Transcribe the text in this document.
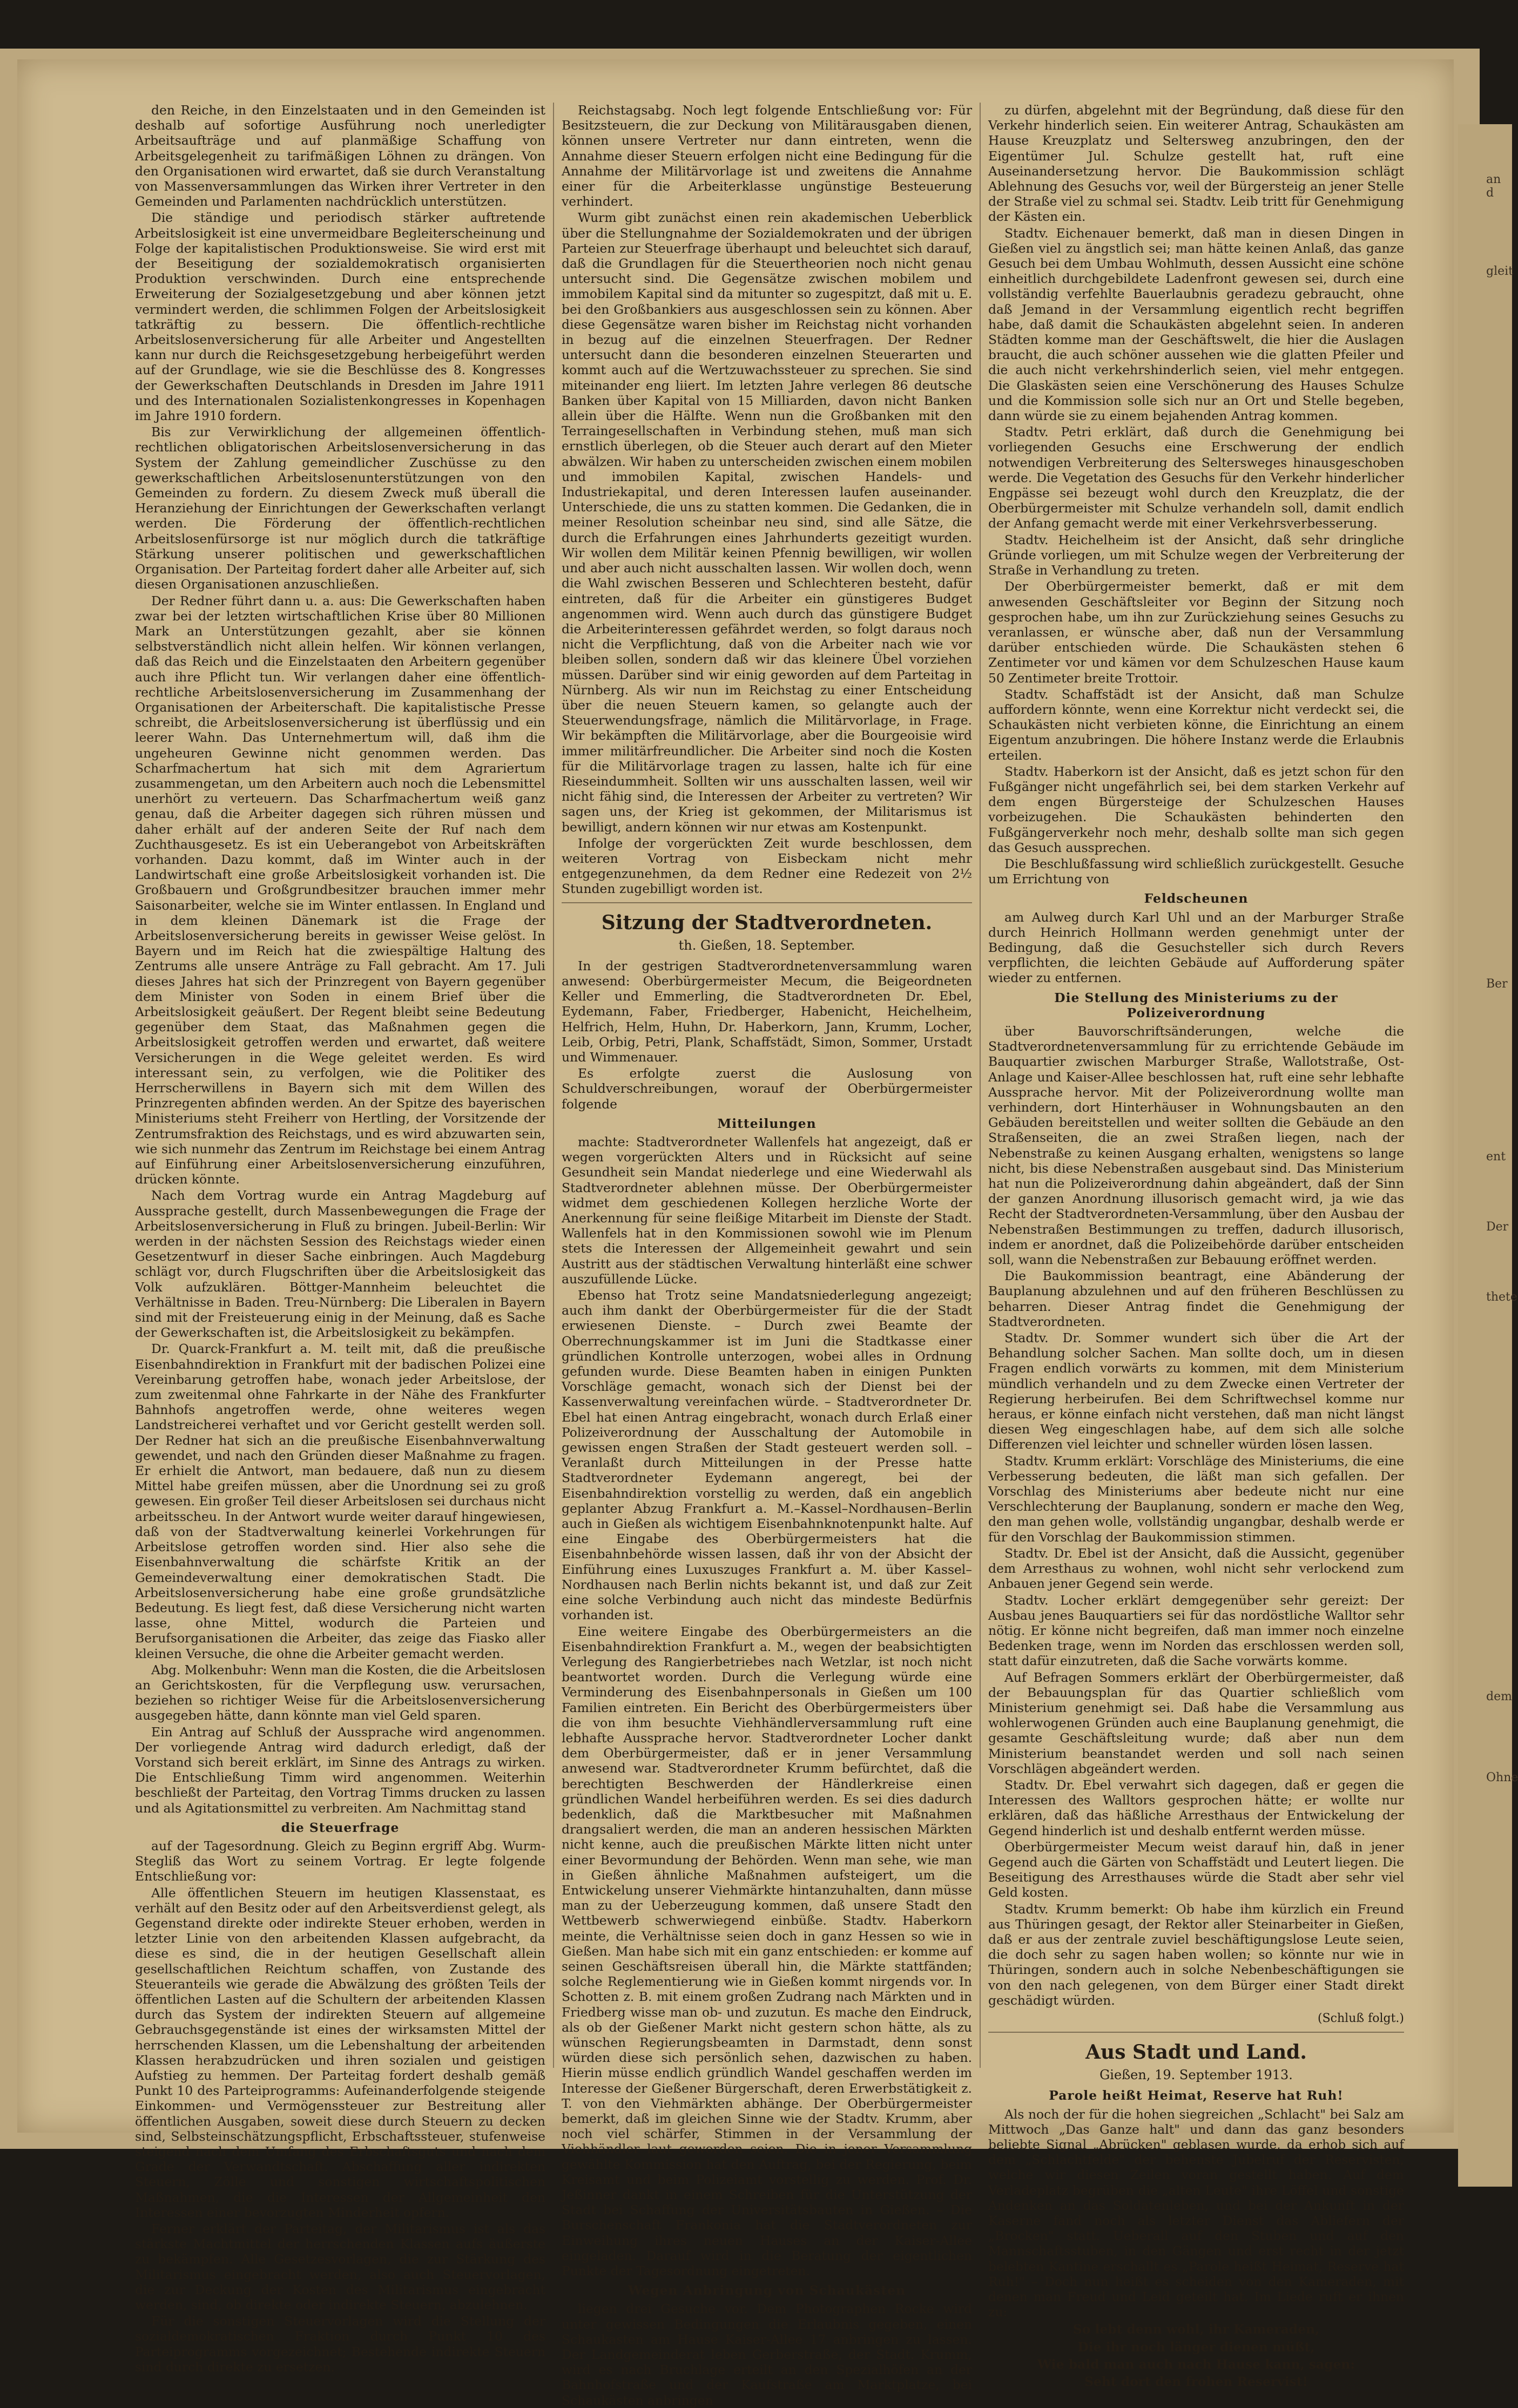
an d
gleit
Ber
ent
Der
thete
dem
Ohne

den Reiche, in den Einzelstaaten und in den Gemeinden ist deshalb auf sofortige Ausführung noch unerledigter Arbeitsaufträge und auf planmäßige Schaffung von Arbeitsgelegenheit zu tarifmäßigen Löhnen zu drängen. Von den Organisationen wird erwartet, daß sie durch Veranstaltung von Massenversammlungen das Wirken ihrer Vertreter in den Gemeinden und Parlamenten nachdrücklich unterstützen.

Die ständige und periodisch stärker auftretende Arbeitslosigkeit ist eine unvermeidbare Begleiterscheinung und Folge der kapitalistischen Produktionsweise. Sie wird erst mit der Beseitigung der sozialdemokratisch organisierten Produktion verschwinden. Durch eine entsprechende Erweiterung der Sozialgesetzgebung und aber können jetzt vermindert werden, die schlimmen Folgen der Arbeitslosigkeit tatkräftig zu bessern. Die öffentlich-rechtliche Arbeitslosenversicherung für alle Arbeiter und Angestellten kann nur durch die Reichsgesetzgebung herbeigeführt werden auf der Grundlage, wie sie die Beschlüsse des 8. Kongresses der Gewerkschaften Deutschlands in Dresden im Jahre 1911 und des Internationalen Sozialistenkongresses in Kopenhagen im Jahre 1910 fordern.

Bis zur Verwirklichung der allgemeinen öffentlich-rechtlichen obligatorischen Arbeitslosenversicherung in das System der Zahlung gemeindlicher Zuschüsse zu den gewerkschaftlichen Arbeitslosenunterstützungen von den Gemeinden zu fordern. Zu diesem Zweck muß überall die Heranziehung der Einrichtungen der Gewerkschaften verlangt werden. Die Förderung der öffentlich-rechtlichen Arbeitslosenfürsorge ist nur möglich durch die tatkräftige Stärkung unserer politischen und gewerkschaftlichen Organisation. Der Parteitag fordert daher alle Arbeiter auf, sich diesen Organisationen anzuschließen.

Der Redner führt dann u. a. aus: Die Gewerkschaften haben zwar bei der letzten wirtschaftlichen Krise über 80 Millionen Mark an Unterstützungen gezahlt, aber sie können selbstverständlich nicht allein helfen. Wir können verlangen, daß das Reich und die Einzelstaaten den Arbeitern gegenüber auch ihre Pflicht tun. Wir verlangen daher eine öffentlich-rechtliche Arbeitslosenversicherung im Zusammenhang der Organisationen der Arbeiterschaft. Die kapitalistische Presse schreibt, die Arbeitslosenversicherung ist überflüssig und ein leerer Wahn. Das Unternehmertum will, daß ihm die ungeheuren Gewinne nicht genommen werden. Das Scharfmachertum hat sich mit dem Agrariertum zusammengetan, um den Arbeitern auch noch die Lebensmittel unerhört zu verteuern. Das Scharfmachertum weiß ganz genau, daß die Arbeiter dagegen sich rühren müssen und daher erhält auf der anderen Seite der Ruf nach dem Zuchthausgesetz. Es ist ein Ueberangebot von Arbeitskräften vorhanden. Dazu kommt, daß im Winter auch in der Landwirtschaft eine große Arbeitslosigkeit vorhanden ist. Die Großbauern und Großgrundbesitzer brauchen immer mehr Saisonarbeiter, welche sie im Winter entlassen. In England und in dem kleinen Dänemark ist die Frage der Arbeitslosenversicherung bereits in gewisser Weise gelöst. In Bayern und im Reich hat die zwiespältige Haltung des Zentrums alle unsere Anträge zu Fall gebracht. Am 17. Juli dieses Jahres hat sich der Prinzregent von Bayern gegenüber dem Minister von Soden in einem Brief über die Arbeitslosigkeit geäußert. Der Regent bleibt seine Bedeutung gegenüber dem Staat, das Maßnahmen gegen die Arbeitslosigkeit getroffen werden und erwartet, daß weitere Versicherungen in die Wege geleitet werden. Es wird interessant sein, zu verfolgen, wie die Politiker des Herrscherwillens in Bayern sich mit dem Willen des Prinzregenten abfinden werden. An der Spitze des bayerischen Ministeriums steht Freiherr von Hertling, der Vorsitzende der Zentrumsfraktion des Reichstags, und es wird abzuwarten sein, wie sich nunmehr das Zentrum im Reichstage bei einem Antrag auf Einführung einer Arbeitslosenversicherung einzuführen, drücken könnte.

Nach dem Vortrag wurde ein Antrag Magdeburg auf Aussprache gestellt, durch Massenbewegungen die Frage der Arbeitslosenversicherung in Fluß zu bringen. Jubeil-Berlin: Wir werden in der nächsten Session des Reichstags wieder einen Gesetzentwurf in dieser Sache einbringen. Auch Magdeburg schlägt vor, durch Flugschriften über die Arbeitslosigkeit das Volk aufzuklären. Böttger-Mannheim beleuchtet die Verhältnisse in Baden. Treu-Nürnberg: Die Liberalen in Bayern sind mit der Freisteuerung einig in der Meinung, daß es Sache der Gewerkschaften ist, die Arbeitslosigkeit zu bekämpfen.

Dr. Quarck-Frankfurt a. M. teilt mit, daß die preußische Eisenbahndirektion in Frankfurt mit der badischen Polizei eine Vereinbarung getroffen habe, wonach jeder Arbeitslose, der zum zweitenmal ohne Fahrkarte in der Nähe des Frankfurter Bahnhofs angetroffen werde, ohne weiteres wegen Landstreicherei verhaftet und vor Gericht gestellt werden soll. Der Redner hat sich an die preußische Eisenbahnverwaltung gewendet, und nach den Gründen dieser Maßnahme zu fragen. Er erhielt die Antwort, man bedauere, daß nun zu diesem Mittel habe greifen müssen, aber die Unordnung sei zu groß gewesen. Ein großer Teil dieser Arbeitslosen sei durchaus nicht arbeitsscheu. In der Antwort wurde weiter darauf hingewiesen, daß von der Stadtverwaltung keinerlei Vorkehrungen für Arbeitslose getroffen worden sind. Hier also sehe die Eisenbahnverwaltung die schärfste Kritik an der Gemeindeverwaltung einer demokratischen Stadt. Die Arbeitslosenversicherung habe eine große grundsätzliche Bedeutung. Es liegt fest, daß diese Versicherung nicht warten lasse, ohne Mittel, wodurch die Parteien und Berufsorganisationen die Arbeiter, das zeige das Fiasko aller kleinen Versuche, die ohne die Arbeiter gemacht werden.

Abg. Molkenbuhr: Wenn man die Kosten, die die Arbeitslosen an Gerichtskosten, für die Verpflegung usw. verursachen, beziehen so richtiger Weise für die Arbeitslosenversicherung ausgegeben hätte, dann könnte man viel Geld sparen.

Ein Antrag auf Schluß der Aussprache wird angenommen. Der vorliegende Antrag wird dadurch erledigt, daß der Vorstand sich bereit erklärt, im Sinne des Antrags zu wirken. Die Entschließung Timm wird angenommen. Weiterhin beschließt der Parteitag, den Vortrag Timms drucken zu lassen und als Agitationsmittel zu verbreiten. Am Nachmittag stand

die Steuerfrage

auf der Tagesordnung. Gleich zu Beginn ergriff Abg. Wurm-Stegliß das Wort zu seinem Vortrag. Er legte folgende Entschließung vor:

Alle öffentlichen Steuern im heutigen Klassenstaat, es verhält auf den Besitz oder auf den Arbeitsverdienst gelegt, als Gegenstand direkte oder indirekte Steuer erhoben, werden in letzter Linie von den arbeitenden Klassen aufgebracht, da diese es sind, die in der heutigen Gesellschaft allein gesellschaftlichen Reichtum schaffen, von Zustande des Steueranteils wie gerade die Abwälzung des größten Teils der öffentlichen Lasten auf die Schultern der arbeitenden Klassen durch das System der indirekten Steuern auf allgemeine Gebrauchsgegenstände ist eines der wirksamsten Mittel der herrschenden Klassen, um die Lebenshaltung der arbeitenden Klassen herabzudrücken und ihren sozialen und geistigen Aufstieg zu hemmen. Der Parteitag fordert deshalb gemäß Punkt 10 des Parteiprogramms: Aufeinanderfolgende steigende Einkommen- und Vermögenssteuer zur Bestreitung aller öffentlichen Ausgaben, soweit diese durch Steuern zu decken sind, Selbsteinschätzungspflicht, Erbschaftssteuer, stufenweise steigend nach dem Umfang des Erbschaftsguts und nach dem Grade der Verwandtschaft. Abschaffung aller indirekten Steuern, Zölle und sonstigen wirtschaftspolitischen Maßnahmen, die die Interessen der Allgemeinheit den Interessen einer bevorzugten Minderheit opfern.

Ferner erklärt der Parteitag, der Militarismus ist als das stärkste Machtmittel der herrschenden Klassen aufs äußerste zu bekämpfen. Alle Gesetzesvorlagen, die zur Stärkung des Militarismus eingebracht werden, also auch Steuervorlagen, die zur Deckung der Kosten des Militarismus eingebracht werden, sind, ob direkte oder indirekte Steuern, abzulehnen.

Für die sonstigen Steuervorlagen wird die Stellung der sozialdemokratischen Fraktion durch Punkt 10 des Parteiprogramms vorgezeichnet; Bestehende indirekte Steuern sind durch direkte zu ersetzen.

Reichstagsabg. Noch legt folgende Entschließung vor: Für Besitzsteuern, die zur Deckung von Militärausgaben dienen, können unsere Vertreter nur dann eintreten, wenn die Annahme dieser Steuern erfolgen nicht eine Bedingung für die Annahme der Militärvorlage ist und zweitens die Annahme einer für die Arbeiterklasse ungünstige Besteuerung verhindert.

Wurm gibt zunächst einen rein akademischen Ueberblick über die Stellungnahme der Sozialdemokraten und der übrigen Parteien zur Steuerfrage überhaupt und beleuchtet sich darauf, daß die Grundlagen für die Steuertheorien noch nicht genau untersucht sind. Die Gegensätze zwischen mobilem und immobilem Kapital sind da mitunter so zugespitzt, daß mit u. E. bei den Großbankiers aus ausgeschlossen sein zu können. Aber diese Gegensätze waren bisher im Reichstag nicht vorhanden in bezug auf die einzelnen Steuerfragen. Der Redner untersucht dann die besonderen einzelnen Steuerarten und kommt auch auf die Wertzuwachssteuer zu sprechen. Sie sind miteinander eng liiert. Im letzten Jahre verlegen 86 deutsche Banken über Kapital von 15 Milliarden, davon nicht Banken allein über die Hälfte. Wenn nun die Großbanken mit den Terraingesellschaften in Verbindung stehen, muß man sich ernstlich überlegen, ob die Steuer auch derart auf den Mieter abwälzen. Wir haben zu unterscheiden zwischen einem mobilen und immobilen Kapital, zwischen Handels- und Industriekapital, und deren Interessen laufen auseinander. Unterschiede, die uns zu statten kommen. Die Gedanken, die in meiner Resolution scheinbar neu sind, sind alle Sätze, die durch die Erfahrungen eines Jahrhunderts gezeitigt wurden. Wir wollen dem Militär keinen Pfennig bewilligen, wir wollen und aber auch nicht ausschalten lassen. Wir wollen doch, wenn die Wahl zwischen Besseren und Schlechteren besteht, dafür eintreten, daß für die Arbeiter ein günstigeres Budget angenommen wird. Wenn auch durch das günstigere Budget die Arbeiterinteressen gefährdet werden, so folgt daraus noch nicht die Verpflichtung, daß von die Arbeiter nach wie vor bleiben sollen, sondern daß wir das kleinere Übel vorziehen müssen. Darüber sind wir einig geworden auf dem Parteitag in Nürnberg. Als wir nun im Reichstag zu einer Entscheidung über die neuen Steuern kamen, so gelangte auch der Steuerwendungsfrage, nämlich die Militärvorlage, in Frage. Wir bekämpften die Militärvorlage, aber die Bourgeoisie wird immer militärfreundlicher. Die Arbeiter sind noch die Kosten für die Militärvorlage tragen zu lassen, halte ich für eine Rieseindummheit. Sollten wir uns ausschalten lassen, weil wir nicht fähig sind, die Interessen der Arbeiter zu vertreten? Wir sagen uns, der Krieg ist gekommen, der Militarismus ist bewilligt, andern können wir nur etwas am Kostenpunkt.

Infolge der vorgerückten Zeit wurde beschlossen, dem weiteren Vortrag von Eisbeckam nicht mehr entgegenzunehmen, da dem Redner eine Redezeit von 2½ Stunden zugebilligt worden ist.

Sitzung der Stadtverordneten.
th. Gießen, 18. September.

In der gestrigen Stadtverordnetenversammlung waren anwesend: Oberbürgermeister Mecum, die Beigeordneten Keller und Emmerling, die Stadtverordneten Dr. Ebel, Eydemann, Faber, Friedberger, Habenicht, Heichelheim, Helfrich, Helm, Huhn, Dr. Haberkorn, Jann, Krumm, Locher, Leib, Orbig, Petri, Plank, Schaffstädt, Simon, Sommer, Urstadt und Wimmenauer.

Es erfolgte zuerst die Auslosung von Schuldverschreibungen, worauf der Oberbürgermeister folgende

Mitteilungen

machte: Stadtverordneter Wallenfels hat angezeigt, daß er wegen vorgerückten Alters und in Rücksicht auf seine Gesundheit sein Mandat niederlege und eine Wiederwahl als Stadtverordneter ablehnen müsse. Der Oberbürgermeister widmet dem geschiedenen Kollegen herzliche Worte der Anerkennung für seine fleißige Mitarbeit im Dienste der Stadt. Wallenfels hat in den Kommissionen sowohl wie im Plenum stets die Interessen der Allgemeinheit gewahrt und sein Austritt aus der städtischen Verwaltung hinterläßt eine schwer auszufüllende Lücke.

Ebenso hat Trotz seine Mandatsniederlegung angezeigt; auch ihm dankt der Oberbürgermeister für die der Stadt erwiesenen Dienste. – Durch zwei Beamte der Oberrechnungskammer ist im Juni die Stadtkasse einer gründlichen Kontrolle unterzogen, wobei alles in Ordnung gefunden wurde. Diese Beamten haben in einigen Punkten Vorschläge gemacht, wonach sich der Dienst bei der Kassenverwaltung vereinfachen würde. – Stadtverordneter Dr. Ebel hat einen Antrag eingebracht, wonach durch Erlaß einer Polizeiverordnung der Ausschaltung der Automobile in gewissen engen Straßen der Stadt gesteuert werden soll. – Veranlaßt durch Mitteilungen in der Presse hatte Stadtverordneter Eydemann angeregt, bei der Eisenbahndirektion vorstellig zu werden, daß ein angeblich geplanter Abzug Frankfurt a. M.–Kassel–Nordhausen–Berlin auch in Gießen als wichtigem Eisenbahnknotenpunkt halte. Auf eine Eingabe des Oberbürgermeisters hat die Eisenbahnbehörde wissen lassen, daß ihr von der Absicht der Einführung eines Luxuszuges Frankfurt a. M. über Kassel–Nordhausen nach Berlin nichts bekannt ist, und daß zur Zeit eine solche Verbindung auch nicht das mindeste Bedürfnis vorhanden ist.

Eine weitere Eingabe des Oberbürgermeisters an die Eisenbahndirektion Frankfurt a. M., wegen der beabsichtigten Verlegung des Rangierbetriebes nach Wetzlar, ist noch nicht beantwortet worden. Durch die Verlegung würde eine Verminderung des Eisenbahnpersonals in Gießen um 100 Familien eintreten. Ein Bericht des Oberbürgermeisters über die von ihm besuchte Viehhändlerversammlung ruft eine lebhafte Aussprache hervor. Stadtverordneter Locher dankt dem Oberbürgermeister, daß er in jener Versammlung anwesend war. Stadtverordneter Krumm befürchtet, daß die berechtigten Beschwerden der Händlerkreise einen gründlichen Wandel herbeiführen werden. Es sei dies dadurch bedenklich, daß die Marktbesucher mit Maßnahmen drangsaliert werden, die man an anderen hessischen Märkten nicht kenne, auch die preußischen Märkte litten nicht unter einer Bevormundung der Behörden. Wenn man sehe, wie man in Gießen ähnliche Maßnahmen aufsteigert, um die Entwickelung unserer Viehmärkte hintanzuhalten, dann müsse man zu der Ueberzeugung kommen, daß unsere Stadt den Wettbewerb schwerwiegend einbüße. Stadtv. Haberkorn meinte, die Verhältnisse seien doch in ganz Hessen so wie in Gießen. Man habe sich mit ein ganz entschieden: er komme auf seinen Geschäftsreisen überall hin, die Märkte stattfänden; solche Reglementierung wie in Gießen kommt nirgends vor. In Schotten z. B. mit einem großen Zudrang nach Märkten und in Friedberg wisse man ob- und zuzutun. Es mache den Eindruck, als ob der Gießener Markt nicht gestern schon hätte, als zu wünschen Regierungsbeamten in Darmstadt, denn sonst würden diese sich persönlich sehen, dazwischen zu haben. Hierin müsse endlich gründlich Wandel geschaffen werden im Interesse der Gießener Bürgerschaft, deren Erwerbstätigkeit z. T. von den Viehmärkten abhänge. Der Oberbürgermeister bemerkt, daß im gleichen Sinne wie der Stadtv. Krumm, aber noch viel schärfer, Stimmen in der Versammlung der Viehhändler laut geworden seien. Die in jener Versammlung gewählte Kommission hat den Auftrag, bei der Regierung, beim Kreisamt und beim Polizeiamt vorstellig zu werden. Prof. Dr. Jeßinner dankt in einem Schreiben für die Unterstützung der Stadt bei Schaffung der Universitätsbauten in Gießen. – Die Burschenschaft Frankonia hat die Stadtverordneten zur Einweihung ihres neuen Hauses an der Kaiser-Allee eingeladen. Darauf wird in die Beratung der eigentlichen Punkte der Tagesordnung eingetreten.

Wegen Anbringung von Schaukästen

liegen drei Gesuche vor. Dem Photographen Rocke wird unter gewissen Bedingungen die Erlaubnis gegeben, einen Schaukasten am Hause Kaiser-Allee 17 anbringen zu lassen. Der Landgemeinderat leben Gerberstraße, der Stadt. Krumm, wird es nach Bruchlage erteilt an den Spezialhöfen an der Bahnhofstraße und der Kaufstraße am Marktplatze, bei Schaukästen anbringen

zu dürfen, abgelehnt mit der Begründung, daß diese für den Verkehr hinderlich seien. Ein weiterer Antrag, Schaukästen am Hause Kreuzplatz und Seltersweg anzubringen, den der Eigentümer Jul. Schulze gestellt hat, ruft eine Auseinandersetzung hervor. Die Baukommission schlägt Ablehnung des Gesuchs vor, weil der Bürgersteig an jener Stelle der Straße viel zu schmal sei. Stadtv. Leib tritt für Genehmigung der Kästen ein.

Stadtv. Eichenauer bemerkt, daß man in diesen Dingen in Gießen viel zu ängstlich sei; man hätte keinen Anlaß, das ganze Gesuch bei dem Umbau Wohlmuth, dessen Aussicht eine schöne einheitlich durchgebildete Ladenfront gewesen sei, durch eine vollständig verfehlte Bauerlaubnis geradezu gebraucht, ohne daß Jemand in der Versammlung eigentlich recht begriffen habe, daß damit die Schaukästen abgelehnt seien. In anderen Städten komme man der Geschäftswelt, die hier die Auslagen braucht, die auch schöner aussehen wie die glatten Pfeiler und die auch nicht verkehrshinderlich seien, viel mehr entgegen. Die Glaskästen seien eine Verschönerung des Hauses Schulze und die Kommission solle sich nur an Ort und Stelle begeben, dann würde sie zu einem bejahenden Antrag kommen.

Stadtv. Petri erklärt, daß durch die Genehmigung bei vorliegenden Gesuchs eine Erschwerung der endlich notwendigen Verbreiterung des Seltersweges hinausgeschoben werde. Die Vegetation des Gesuchs für den Verkehr hinderlicher Engpässe sei bezeugt wohl durch den Kreuzplatz, die der Oberbürgermeister mit Schulze verhandeln soll, damit endlich der Anfang gemacht werde mit einer Verkehrsverbesserung.

Stadtv. Heichelheim ist der Ansicht, daß sehr dringliche Gründe vorliegen, um mit Schulze wegen der Verbreiterung der Straße in Verhandlung zu treten.

Der Oberbürgermeister bemerkt, daß er mit dem anwesenden Geschäftsleiter vor Beginn der Sitzung noch gesprochen habe, um ihn zur Zurückziehung seines Gesuchs zu veranlassen, er wünsche aber, daß nun der Versammlung darüber entschieden würde. Die Schaukästen stehen 6 Zentimeter vor und kämen vor dem Schulzeschen Hause kaum 50 Zentimeter breite Trottoir.

Stadtv. Schaffstädt ist der Ansicht, daß man Schulze auffordern könnte, wenn eine Korrektur nicht verdeckt sei, die Schaukästen nicht verbieten könne, die Einrichtung an einem Eigentum anzubringen. Die höhere Instanz werde die Erlaubnis erteilen.

Stadtv. Haberkorn ist der Ansicht, daß es jetzt schon für den Fußgänger nicht ungefährlich sei, bei dem starken Verkehr auf dem engen Bürgersteige der Schulzeschen Hauses vorbeizugehen. Die Schaukästen behinderten den Fußgängerverkehr noch mehr, deshalb sollte man sich gegen das Gesuch aussprechen.

Die Beschlußfassung wird schließlich zurückgestellt. Gesuche um Errichtung von

Feldscheunen

am Aulweg durch Karl Uhl und an der Marburger Straße durch Heinrich Hollmann werden genehmigt unter der Bedingung, daß die Gesuchsteller sich durch Revers verpflichten, die leichten Gebäude auf Aufforderung später wieder zu entfernen.

Die Stellung des Ministeriums zu der Polizeiverordnung

über Bauvorschriftsänderungen, welche die Stadtverordnetenversammlung für zu errichtende Gebäude im Bauquartier zwischen Marburger Straße, Wallotstraße, Ost-Anlage und Kaiser-Allee beschlossen hat, ruft eine sehr lebhafte Aussprache hervor. Mit der Polizeiverordnung wollte man verhindern, dort Hinterhäuser in Wohnungsbauten an den Gebäuden bereitstellen und weiter sollten die Gebäude an den Straßenseiten, die an zwei Straßen liegen, nach der Nebenstraße zu keinen Ausgang erhalten, wenigstens so lange nicht, bis diese Nebenstraßen ausgebaut sind. Das Ministerium hat nun die Polizeiverordnung dahin abgeändert, daß der Sinn der ganzen Anordnung illusorisch gemacht wird, ja wie das Recht der Stadtverordneten-Versammlung, über den Ausbau der Nebenstraßen Bestimmungen zu treffen, dadurch illusorisch, indem er anordnet, daß die Polizeibehörde darüber entscheiden soll, wann die Nebenstraßen zur Bebauung eröffnet werden.

Die Baukommission beantragt, eine Abänderung der Bauplanung abzulehnen und auf den früheren Beschlüssen zu beharren. Dieser Antrag findet die Genehmigung der Stadtverordneten.

Stadtv. Dr. Sommer wundert sich über die Art der Behandlung solcher Sachen. Man sollte doch, um in diesen Fragen endlich vorwärts zu kommen, mit dem Ministerium mündlich verhandeln und zu dem Zwecke einen Vertreter der Regierung herbeirufen. Bei dem Schriftwechsel komme nur heraus, er könne einfach nicht verstehen, daß man nicht längst diesen Weg eingeschlagen habe, auf dem sich alle solche Differenzen viel leichter und schneller würden lösen lassen.

Stadtv. Krumm erklärt: Vorschläge des Ministeriums, die eine Verbesserung bedeuten, die läßt man sich gefallen. Der Vorschlag des Ministeriums aber bedeute nicht nur eine Verschlechterung der Bauplanung, sondern er mache den Weg, den man gehen wolle, vollständig ungangbar, deshalb werde er für den Vorschlag der Baukommission stimmen.

Stadtv. Dr. Ebel ist der Ansicht, daß die Aussicht, gegenüber dem Arresthaus zu wohnen, wohl nicht sehr verlockend zum Anbauen jener Gegend sein werde.

Stadtv. Locher erklärt demgegenüber sehr gereizt: Der Ausbau jenes Bauquartiers sei für das nordöstliche Walltor sehr nötig. Er könne nicht begreifen, daß man immer noch einzelne Bedenken trage, wenn im Norden das erschlossen werden soll, statt dafür einzutreten, daß die Sache vorwärts komme.

Auf Befragen Sommers erklärt der Oberbürgermeister, daß der Bebauungsplan für das Quartier schließlich vom Ministerium genehmigt sei. Daß habe die Versammlung aus wohlerwogenen Gründen auch eine Bauplanung genehmigt, die gesamte Geschäftsleitung wurde; daß aber nun dem Ministerium beanstandet werden und soll nach seinen Vorschlägen abgeändert werden.

Stadtv. Dr. Ebel verwahrt sich dagegen, daß er gegen die Interessen des Walltors gesprochen hätte; er wollte nur erklären, daß das häßliche Arresthaus der Entwickelung der Gegend hinderlich ist und deshalb entfernt werden müsse.

Oberbürgermeister Mecum weist darauf hin, daß in jener Gegend auch die Gärten von Schaffstädt und Leutert liegen. Die Beseitigung des Arresthauses würde die Stadt aber sehr viel Geld kosten.

Stadtv. Krumm bemerkt: Ob habe ihm kürzlich ein Freund aus Thüringen gesagt, der Rektor aller Steinarbeiter in Gießen, daß er aus der zentrale zuviel beschäftigungslose Leute seien, die doch sehr zu sagen haben wollen; so könnte nur wie in Thüringen, sondern auch in solche Nebenbeschäftigungen sie von den nach gelegenen, von dem Bürger einer Stadt direkt geschädigt würden.

(Schluß folgt.)
Aus Stadt und Land.
Gießen, 19. September 1913.
Parole heißt Heimat, Reserve hat Ruh!

Als noch der für die hohen siegreichen „Schlacht" bei Salz am Mittwoch „Das Ganze halt" und dann das ganz besonders beliebte Signal „Abrücken" geblasen wurde, da erhob sich auf dem „Schlachtfelde" der behenste Jubelruf der Reservisten, welche wir diesen Zeilen voran gestellt haben. Auf dem Verladeplatz begrüben die „alten Leute" ihre Löffel und sonstige Andenken an das Soldatenleben, und bei der Ankunft in der Kaserne fand noch als letzter Dienst das Abliefern der „Brocken" statt. Ueberall auf den Stuben und auf den Mannschaftsstuben, in den Gängen und erst recht in der jetzt belebten Kantine erschallt es „Parole heißt Heimat, Reserve hat Ruh!" – Doch nun heißt es scheiden von den Kameraden, mit denen man Freud und Leid geteilt hat. Im Liede ruft er ihnen zu:

So lebt denn wohl, ihr Kameraden,
Die ihr noch länger dienen müßt,
Wie bald man auch nach Hause kann, sagen:
Seht dort den frohen Reservist!
